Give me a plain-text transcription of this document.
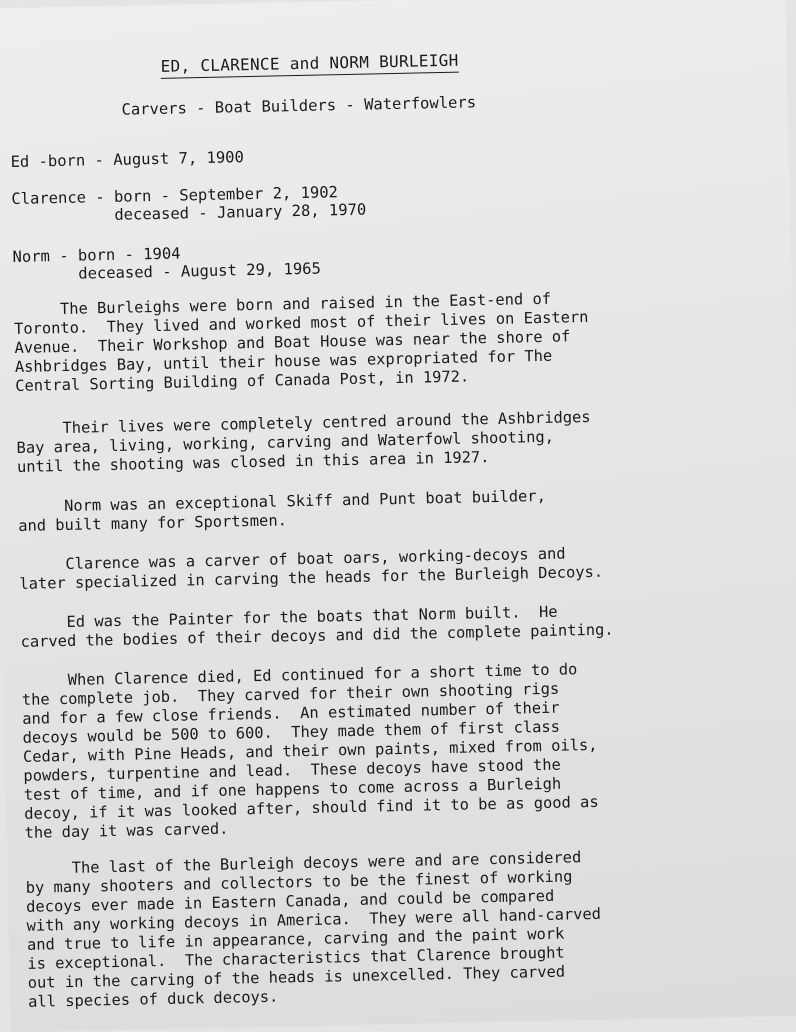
ED, CLARENCE and NORM BURLEIGH
Carvers - Boat Builders - Waterfowlers
Ed -born - August 7, 1900
Clarence - born - September 2, 1902
deceased - January 28, 1970
Norm - born - 1904
deceased - August 29, 1965
The Burleighs were born and raised in the East-end of
Toronto.  They lived and worked most of their lives on Eastern
Avenue.  Their Workshop and Boat House was near the shore of
Ashbridges Bay, until their house was expropriated for The
Central Sorting Building of Canada Post, in 1972.
Their lives were completely centred around the Ashbridges
Bay area, living, working, carving and Waterfowl shooting,
until the shooting was closed in this area in 1927.
Norm was an exceptional Skiff and Punt boat builder,
and built many for Sportsmen.
Clarence was a carver of boat oars, working-decoys and
later specialized in carving the heads for the Burleigh Decoys.
Ed was the Painter for the boats that Norm built.  He
carved the bodies of their decoys and did the complete painting.
When Clarence died, Ed continued for a short time to do
the complete job.  They carved for their own shooting rigs
and for a few close friends.  An estimated number of their
decoys would be 500 to 600.  They made them of first class
Cedar, with Pine Heads, and their own paints, mixed from oils,
powders, turpentine and lead.  These decoys have stood the
test of time, and if one happens to come across a Burleigh
decoy, if it was looked after, should find it to be as good as
the day it was carved.
The last of the Burleigh decoys were and are considered
by many shooters and collectors to be the finest of working
decoys ever made in Eastern Canada, and could be compared
with any working decoys in America.  They were all hand-carved
and true to life in appearance, carving and the paint work
is exceptional.  The characteristics that Clarence brought
out in the carving of the heads is unexcelled. They carved
all species of duck decoys.
